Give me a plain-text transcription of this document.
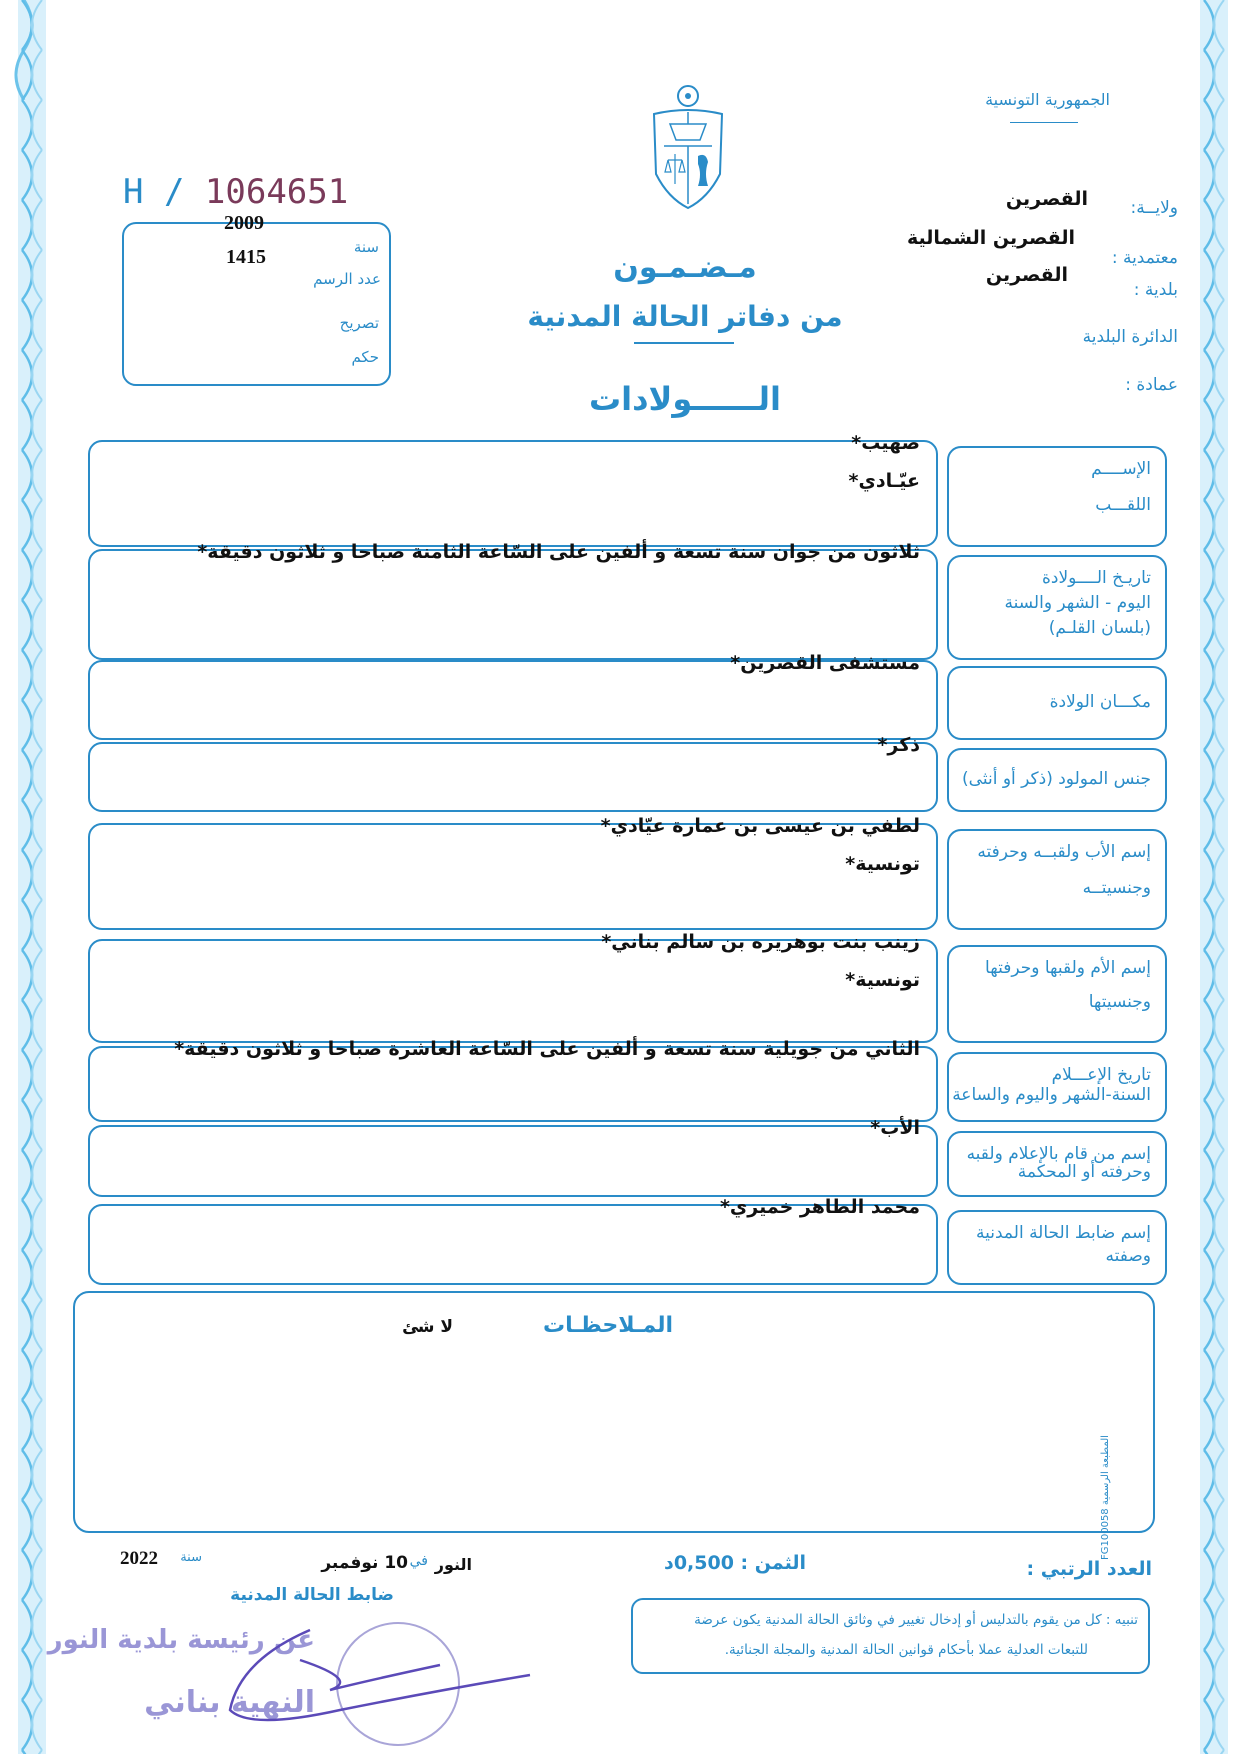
الجمهورية التونسية
H / 1064651
سنة
2009
عدد الرسم
1415
تصريح
حكم
مـضـمـون
من دفاتر الحالة المدنية
الــــــولادات
ولايــة:
القصرين
القصرين الشمالية
معتمدية :
القصرين
بلدية :
الدائرة البلدية
عمادة :
صهيب*
عيّـادي*
الإســــم
اللقـــب
ثلاثون من جوان سنة تسعة و ألفين على السّاعة الثامنة صباحا و ثلاثون دقيقة*
تاريـخ الــــولادة
اليوم - الشهر والسنة
(بلسان القلـم)
مستشفى القصرين*
مكـــان الولادة
ذكر*
جنس المولود (ذكر أو أنثى)
لطفي بن عيسى بن عمارة عيّادي*
تونسية*
إسم الأب ولقبــه وحرفته
وجنسيتــه
زينب بنت بوهريره بن سالم بناني*
تونسية*
إسم الأم ولقبها وحرفتها
وجنسيتها
الثاني من جويلية سنة تسعة و ألفين على السّاعة العاشرة صباحا و ثلاثون دقيقة*
تاريخ الإعـــلام
السنة-الشهر واليوم والساعة
الأب*
إسم من قام بالإعلام ولقبه
وحرفته أو المحكمة
محمد الطاهر خميري*
إسم ضابط الحالة المدنية
وصفته
المـلاحظـات
لا شئ
المطبعة الرسمية FG100058
العدد الرتبي :
الثمن : 0,500د
النور
في
10 نوفمبر
سنة
2022
ضابط الحالة المدنية
عن رئيسة بلدية النور
النهية بناني
تنبيه : كل من يقوم بالتدليس أو إدخال تغيير في وثائق الحالة المدنية يكون عرضة
للتبعات العدلية عملا بأحكام قوانين الحالة المدنية والمجلة الجنائية.
